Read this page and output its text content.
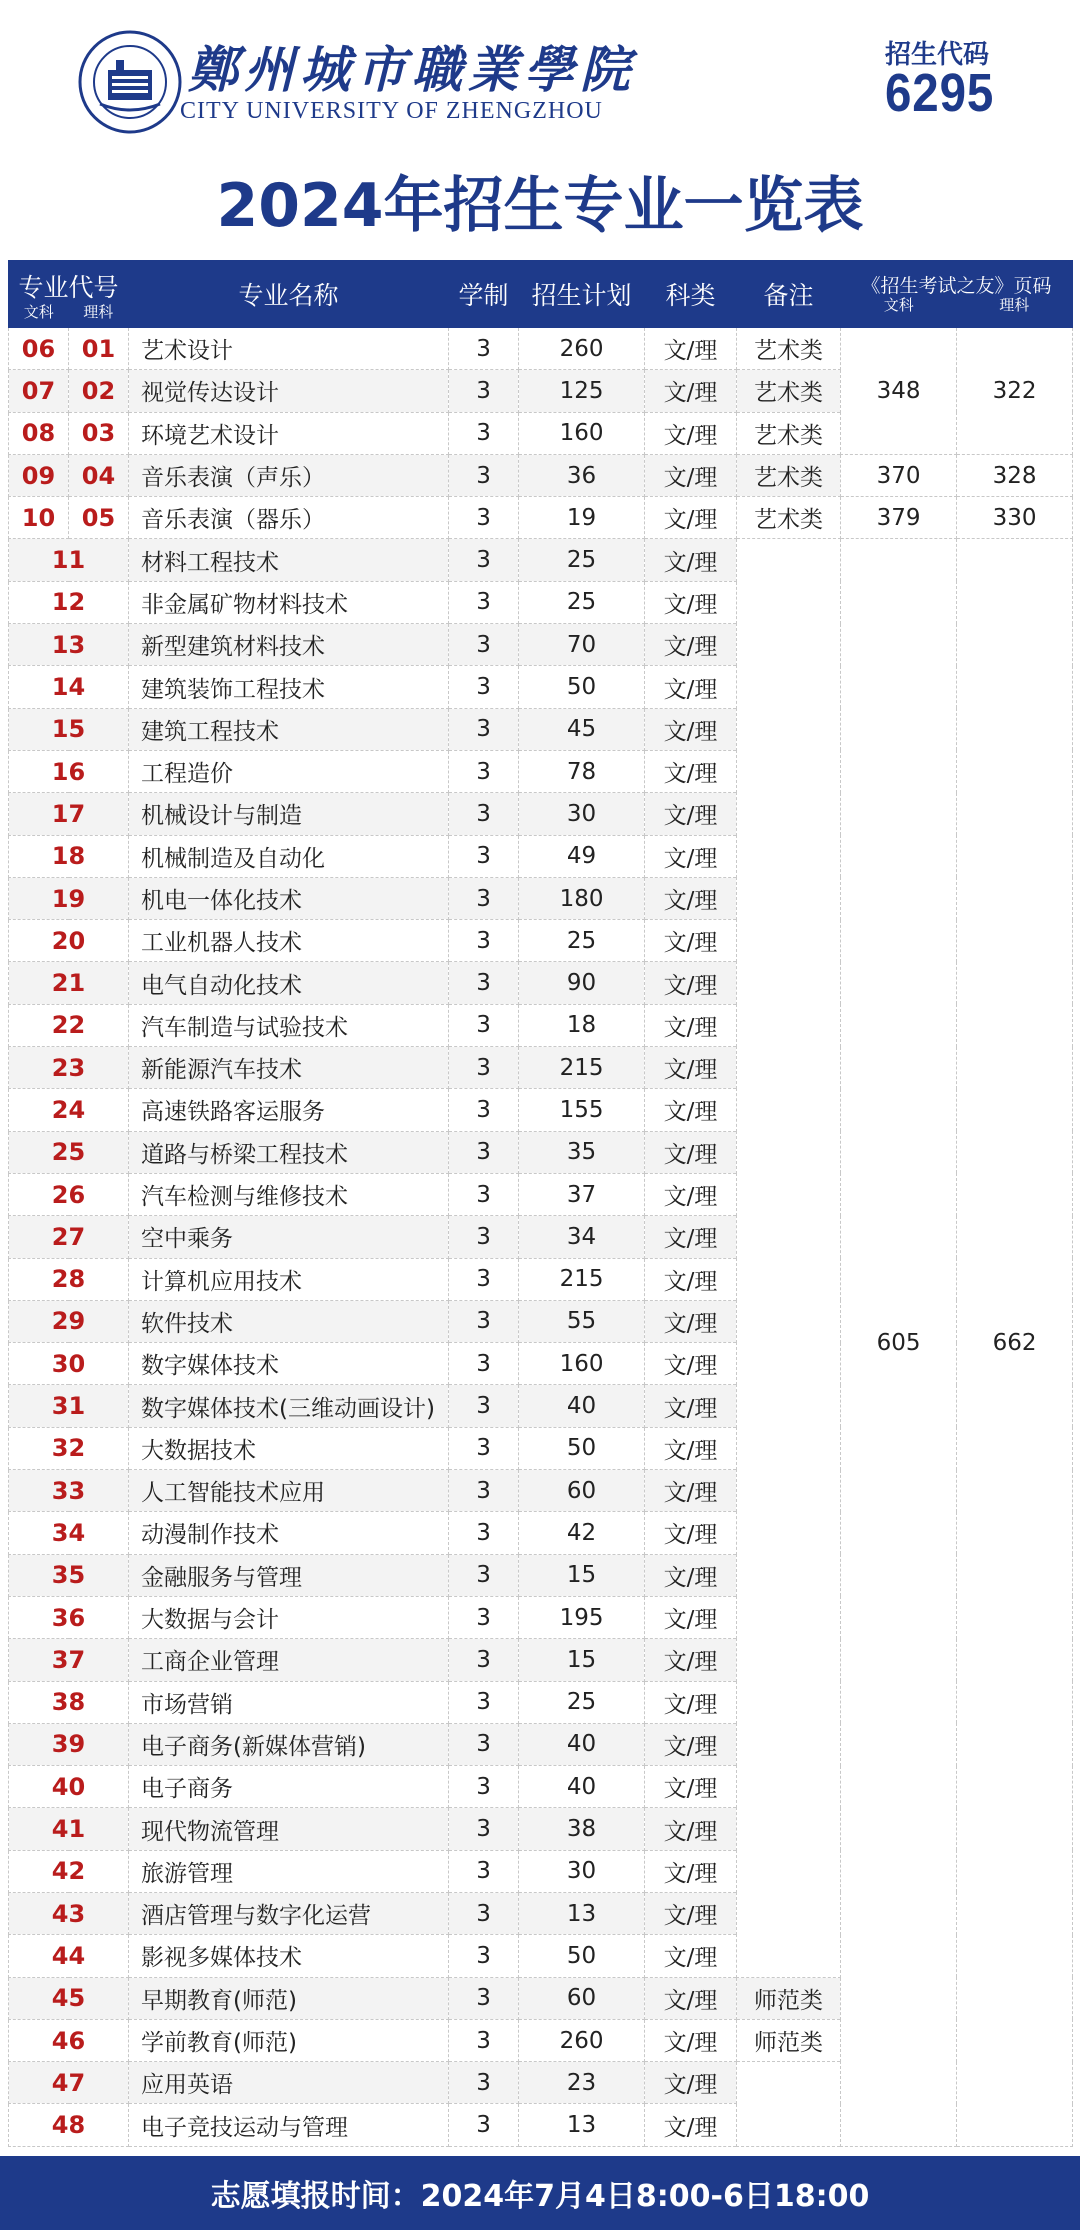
鄭州城市職業學院
CITY UNIVERSITY OF ZHENGZHOU
招生代码
6295
2024年招生专业一览表
专业代号
文科 理科		专业名称	学制	招生计划	科类	备注	《招生考试之友》页码
文科 理科	

06	01	艺术设计	3	260	文/理	艺术类	348	322
07	02	视觉传达设计	3	125	文/理	艺术类		
08	03	环境艺术设计	3	160	文/理	艺术类		
09	04	音乐表演（声乐）	3	36	文/理	艺术类	370	328
10	05	音乐表演（器乐）	3	19	文/理	艺术类	379	330
11		材料工程技术	3	25	文/理		605	662
12		非金属矿物材料技术	3	25	文/理			
13		新型建筑材料技术	3	70	文/理			
14		建筑装饰工程技术	3	50	文/理			
15		建筑工程技术	3	45	文/理			
16		工程造价	3	78	文/理			
17		机械设计与制造	3	30	文/理			
18		机械制造及自动化	3	49	文/理			
19		机电一体化技术	3	180	文/理			
20		工业机器人技术	3	25	文/理			
21		电气自动化技术	3	90	文/理			
22		汽车制造与试验技术	3	18	文/理			
23		新能源汽车技术	3	215	文/理			
24		高速铁路客运服务	3	155	文/理			
25		道路与桥梁工程技术	3	35	文/理			
26		汽车检测与维修技术	3	37	文/理			
27		空中乘务	3	34	文/理			
28		计算机应用技术	3	215	文/理			
29		软件技术	3	55	文/理			
30		数字媒体技术	3	160	文/理			
31		数字媒体技术(三维动画设计)	3	40	文/理			
32		大数据技术	3	50	文/理			
33		人工智能技术应用	3	60	文/理			
34		动漫制作技术	3	42	文/理			
35		金融服务与管理	3	15	文/理			
36		大数据与会计	3	195	文/理			
37		工商企业管理	3	15	文/理			
38		市场营销	3	25	文/理			
39		电子商务(新媒体营销)	3	40	文/理			
40		电子商务	3	40	文/理			
41		现代物流管理	3	38	文/理			
42		旅游管理	3	30	文/理			
43		酒店管理与数字化运营	3	13	文/理			
44		影视多媒体技术	3	50	文/理			
45		早期教育(师范)	3	60	文/理	师范类		
46		学前教育(师范)	3	260	文/理	师范类		
47		应用英语	3	23	文/理			
48		电子竞技运动与管理	3	13	文/理			
志愿填报时间：2024年7月4日8:00-6日18:00
